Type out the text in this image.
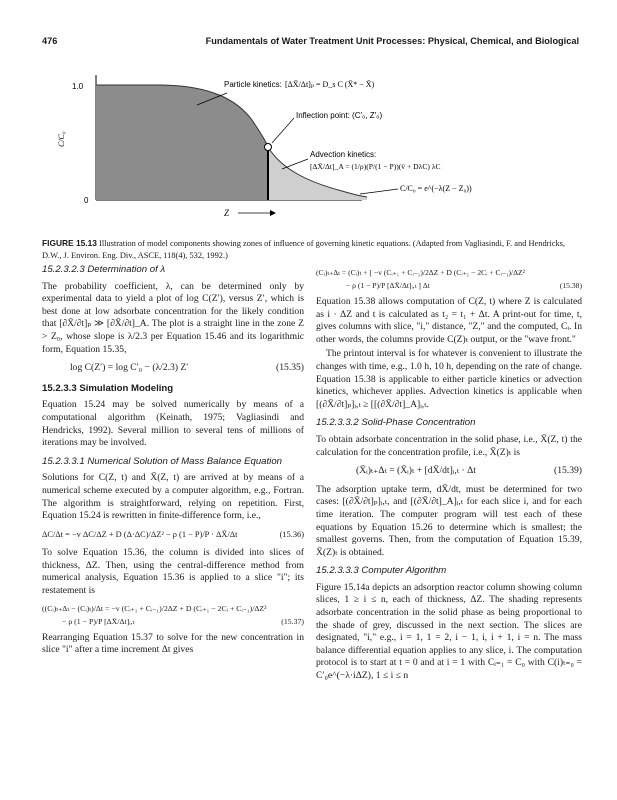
476	Fundamentals of Water Treatment Unit Processes: Physical, Chemical, and Biological
1.0
0
C/C₀
Z
Particle kinetics: [ΔX̄/Δt]ₚ = D_s C (X̄* − X̄)
Inflection point: (C′₀, Z′₀)
Advection kinetics:
[ΔX̄/Δt]_A = (1/ρ)(P/(1 − P))(v̄ + DλC) λC
C/C₀ = e^(−λ(Z − Z₀))
FIGURE 15.13 Illustration of model components showing zones of influence of governing kinetic equations. (Adapted from Vagliasindi, F. and Hendricks, D.W., J. Environ. Eng. Div., ASCE, 118(4), 532, 1992.)
15.2.3.2.3 Determination of λ

The probability coefficient, λ, can be determined only by experimental data to yield a plot of log C(Z′), versus Z′, which is best done at low adsorbate concentration for the likely condition that [∂X̄/∂t]ₚ ≫ [∂X̄/∂t]_A. The plot is a straight line in the zone Z > Z₀, whose slope is λ/2.3 per Equation 15.46 and its logarithmic form, Equation 15.35,

log C(Z′) = log C′₀ − (λ/2.3) Z′	(15.35)
15.2.3.3 Simulation Modeling

Equation 15.24 may be solved numerically by means of a computational algorithm (Keinath, 1975; Vagliasindi and Hendricks, 1992). Several million to several tens of millions of iterations may be involved.

15.2.3.3.1 Numerical Solution of Mass Balance Equation

Solutions for C(Z, t) and X̄(Z, t) are arrived at by means of a numerical scheme executed by a computer algorithm, e.g., Fortran. The algorithm is straightforward, relying on repetition. First, Equation 15.24 is rewritten in finite-difference form, i.e.,

ΔC/Δt = −v ΔC/ΔZ + D (Δ·ΔC)/ΔZ² − ρ (1 − P)/P · ΔX̄/Δt	(15.36)

To solve Equation 15.36, the column is divided into slices of thickness, ΔZ. Then, using the central-difference method from numerical analysis, Equation 15.36 is applied to a slice "i"; its restatement is

((Cᵢ)ₜ₊Δₜ − (Cᵢ)ₜ)/Δt = −v (Cᵢ₊₁ + Cᵢ₋₁)/2ΔZ + D (Cᵢ₊₁ − 2Cᵢ + Cᵢ₋₁)/ΔZ²
− ρ (1 − P)/P [ΔX̄/Δt]ᵢ,ₜ	(15.37)

Rearranging Equation 15.37 to solve for the new concentration in slice "i" after a time increment Δt gives

(Cᵢ)ₜ₊Δₜ = (Cᵢ)ₜ + [ −v (Cᵢ₊₁ + Cᵢ₋₁)/2ΔZ + D (Cᵢ₊₁ − 2Cᵢ + Cᵢ₋₁)/ΔZ²
− ρ (1 − P)/P [ΔX̄/Δt]ᵢ,ₜ ] Δt	(15.38)

Equation 15.38 allows computation of C(Z, t) where Z is calculated as i · ΔZ and t is calculated as t₂ = t₁ + Δt. A print-out for time, t, gives columns with slice, "i," distance, "Z," and the computed, Cᵢ. In other words, the columns provide C(Z)ₜ output, or the "wave front."

The printout interval is for whatever is convenient to illustrate the changes with time, e.g., 1.0 h, 10 h, depending on the rate of change. Equation 15.38 is applicable to either particle kinetics or advection kinetics, whichever applies. Advection kinetics is applicable when [(∂X̄/∂t]ₚ]ᵢ,ₜ ≥ [[(∂X̄/∂t]_A]ᵢ,ₜ.

15.2.3.3.2 Solid-Phase Concentration

To obtain adsorbate concentration in the solid phase, i.e., X̄(Z, t) the calculation for the concentration profile, i.e., X̄(Z)ₜ is

(X̄ᵢ)ₜ₊Δₜ = (X̄ᵢ)ₜ + [dX̄/dt]ᵢ,ₜ · Δt	(15.39)

The adsorption uptake term, dX̄/dt, must be determined for two cases: [(∂X̄/∂t]ₚ]ᵢ,ₜ, and [(∂X̄/∂t]_A]ᵢ,ₜ for each slice i, and for each time iteration. The computer program will test each of these equations by Equation 15.26 to determine which is smallest; the smallest governs. Then, from the computation of Equation 15.39, X̄(Z)ₜ is obtained.

15.2.3.3.3 Computer Algorithm

Figure 15.14a depicts an adsorption reactor column showing column slices, 1 ≥ i ≤ n, each of thickness, ΔZ. The shading represents adsorbate concentration in the solid phase as being proportional to the shade of grey, discussed in the next section. The slices are designated, "i," e.g., i = 1, 1 = 2, i − 1, i, i + 1, i = n. The mass balance differential equation applies to any slice, i. The computation protocol is to start at t = 0 and at i = 1 with Cᵢ₌₁ = C₀ with C(i)ₜ₌₀ = C′₀e^(−λ·iΔZ), 1 ≤ i ≤ n
